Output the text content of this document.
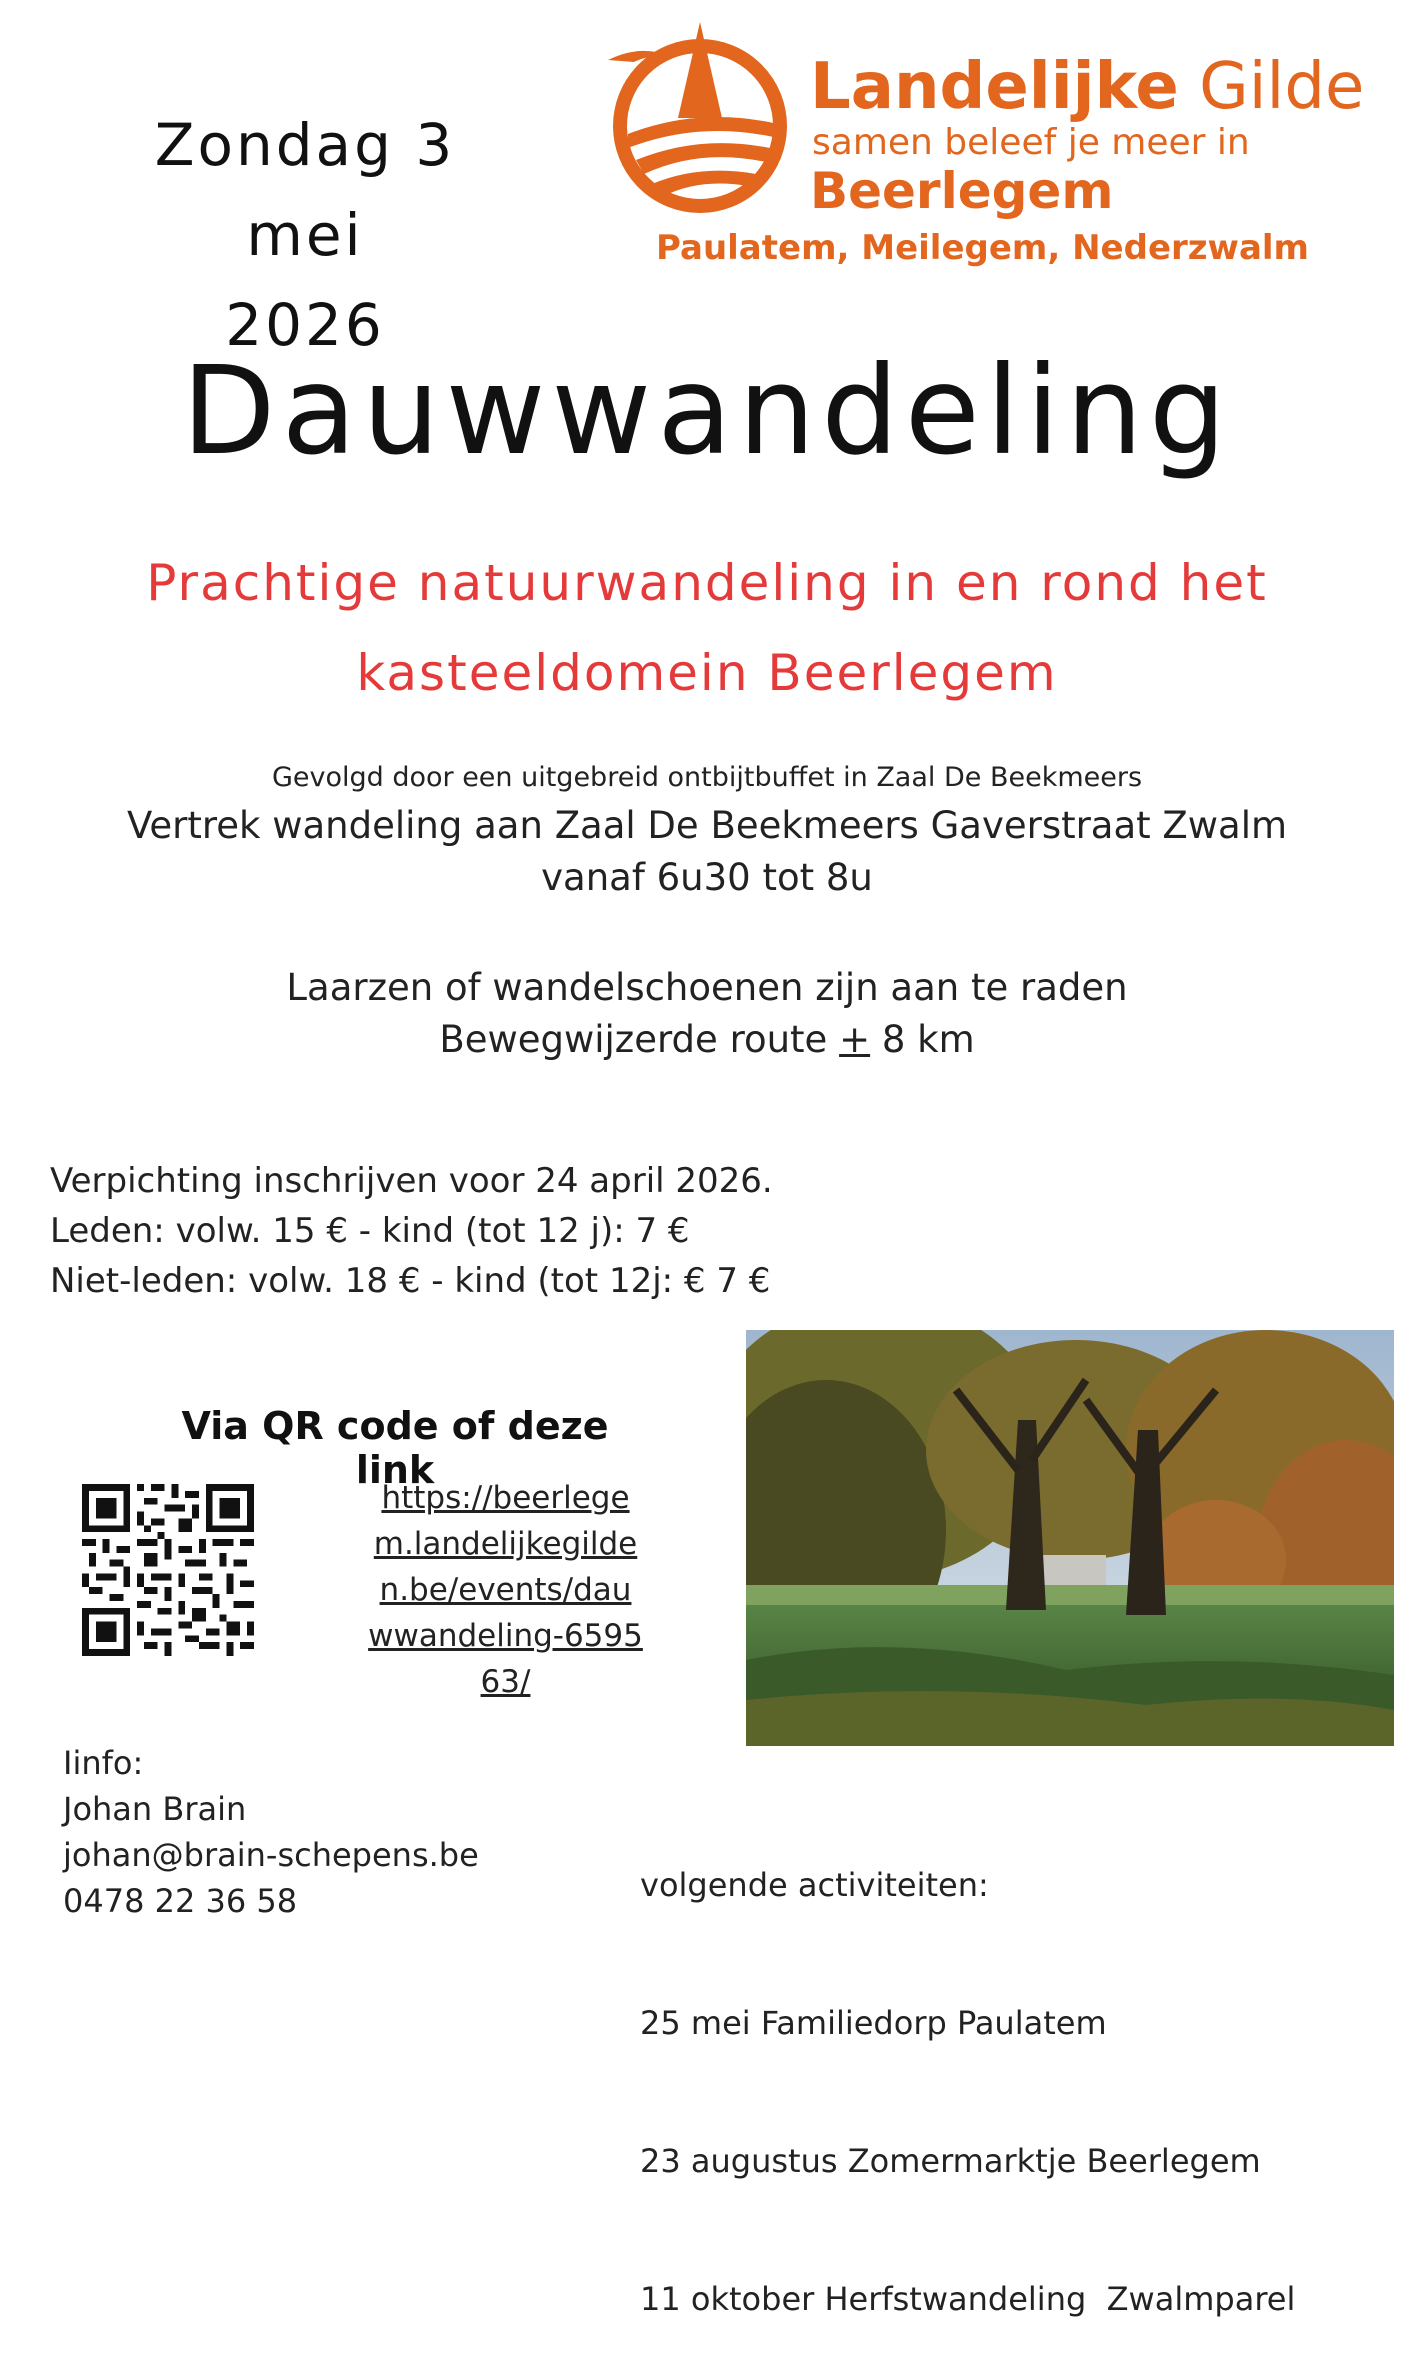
Zondag 3 mei
2026
Landelijke Gilde
samen beleef je meer in
Beerlegem
Paulatem, Meilegem, Nederzwalm
Dauwwandeling
Prachtige natuurwandeling in en rond het
kasteeldomein Beerlegem
Gevolgd door een uitgebreid ontbijtbuffet in Zaal De Beekmeers
Vertrek wandeling aan Zaal De Beekmeers Gaverstraat Zwalm
vanaf 6u30 tot 8u
Laarzen of wandelschoenen zijn aan te raden
Bewegwijzerde route + 8 km
Verpichting inschrijven voor 24 april 2026.
Leden: volw. 15 € - kind (tot 12 j): 7 €
Niet-leden: volw. 18 € - kind (tot 12j: € 7 €
Via QR code of deze link
https://beerlegem.landelijkegilden.be/events/dauwwandeling-659563/
Iinfo:
Johan Brain
johan@brain-schepens.be
0478 22 36 58

	volgende activiteiten:

25 mei Familiedorp Paulatem

23 augustus Zomermarktje Beerlegem

11 oktober Herfstwandeling  Zwalmparel
